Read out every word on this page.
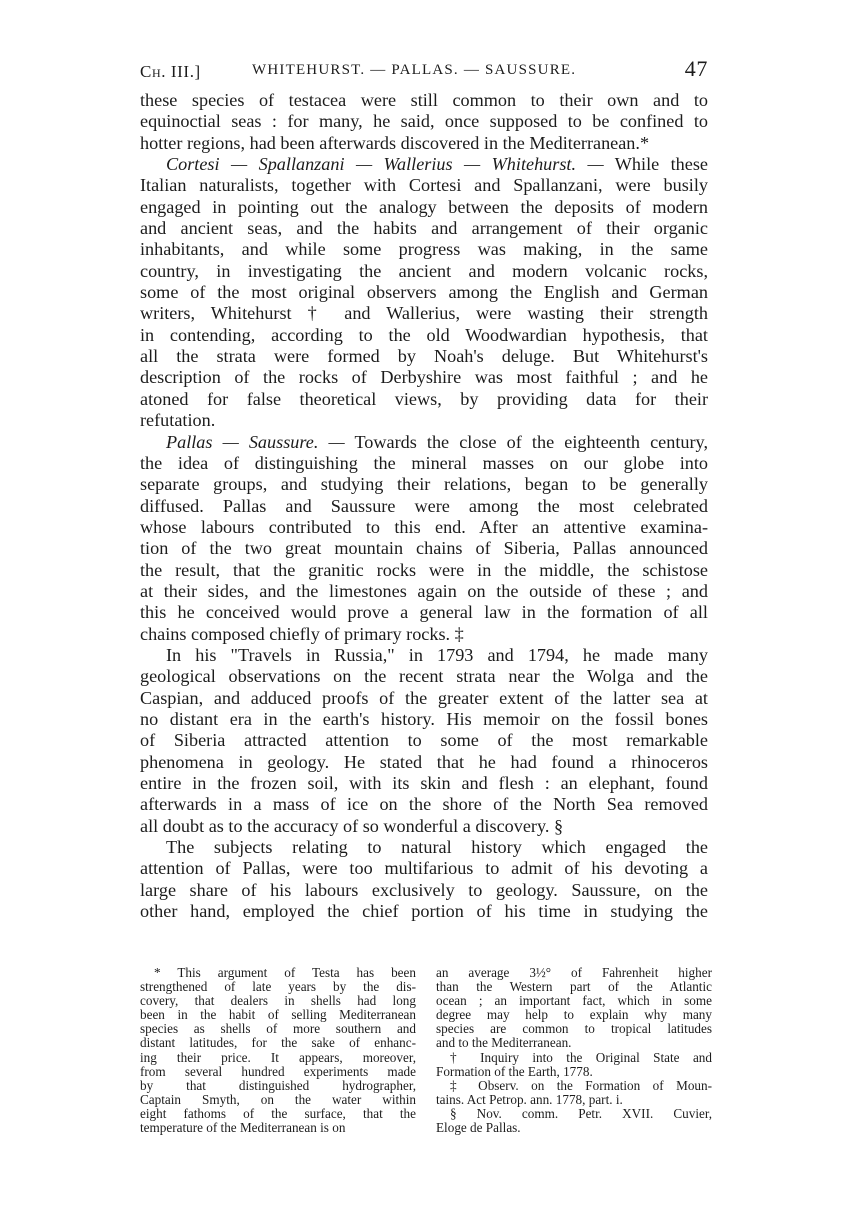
Ch. III.]	WHITEHURST. — PALLAS. — SAUSSURE.	47
these species of testacea were still common to their own and to
equinoctial seas : for many, he said, once supposed to be confined to
hotter regions, had been afterwards discovered in the Mediterranean.*
Cortesi — Spallanzani — Wallerius — Whitehurst. — While these
Italian naturalists, together with Cortesi and Spallanzani, were busily
engaged in pointing out the analogy between the deposits of modern
and ancient seas, and the habits and arrangement of their organic
inhabitants, and while some progress was making, in the same
country, in investigating the ancient and modern volcanic rocks,
some of the most original observers among the English and German
writers, Whitehurst † and Wallerius, were wasting their strength
in contending, according to the old Woodwardian hypothesis, that
all the strata were formed by Noah's deluge. But Whitehurst's
description of the rocks of Derbyshire was most faithful ; and he
atoned for false theoretical views, by providing data for their
refutation.
Pallas — Saussure. — Towards the close of the eighteenth century,
the idea of distinguishing the mineral masses on our globe into
separate groups, and studying their relations, began to be generally
diffused. Pallas and Saussure were among the most celebrated
whose labours contributed to this end. After an attentive examina-
tion of the two great mountain chains of Siberia, Pallas announced
the result, that the granitic rocks were in the middle, the schistose
at their sides, and the limestones again on the outside of these ; and
this he conceived would prove a general law in the formation of all
chains composed chiefly of primary rocks. ‡
In his "Travels in Russia," in 1793 and 1794, he made many
geological observations on the recent strata near the Wolga and the
Caspian, and adduced proofs of the greater extent of the latter sea at
no distant era in the earth's history. His memoir on the fossil bones
of Siberia attracted attention to some of the most remarkable
phenomena in geology. He stated that he had found a rhinoceros
entire in the frozen soil, with its skin and flesh : an elephant, found
afterwards in a mass of ice on the shore of the North Sea removed
all doubt as to the accuracy of so wonderful a discovery. §
The subjects relating to natural history which engaged the
attention of Pallas, were too multifarious to admit of his devoting a
large share of his labours exclusively to geology. Saussure, on the
other hand, employed the chief portion of his time in studying the
* This argument of Testa has been
strengthened of late years by the dis-
covery, that dealers in shells had long
been in the habit of selling Mediterranean
species as shells of more southern and
distant latitudes, for the sake of enhanc-
ing their price. It appears, moreover,
from several hundred experiments made
by that distinguished hydrographer,
Captain Smyth, on the water within
eight fathoms of the surface, that the
temperature of the Mediterranean is on
an average 3½° of Fahrenheit higher
than the Western part of the Atlantic
ocean ; an important fact, which in some
degree may help to explain why many
species are common to tropical latitudes
and to the Mediterranean.
† Inquiry into the Original State and
Formation of the Earth, 1778.
‡ Observ. on the Formation of Moun-
tains. Act Petrop. ann. 1778, part. i.
§ Nov. comm. Petr. XVII. Cuvier,
Eloge de Pallas.
